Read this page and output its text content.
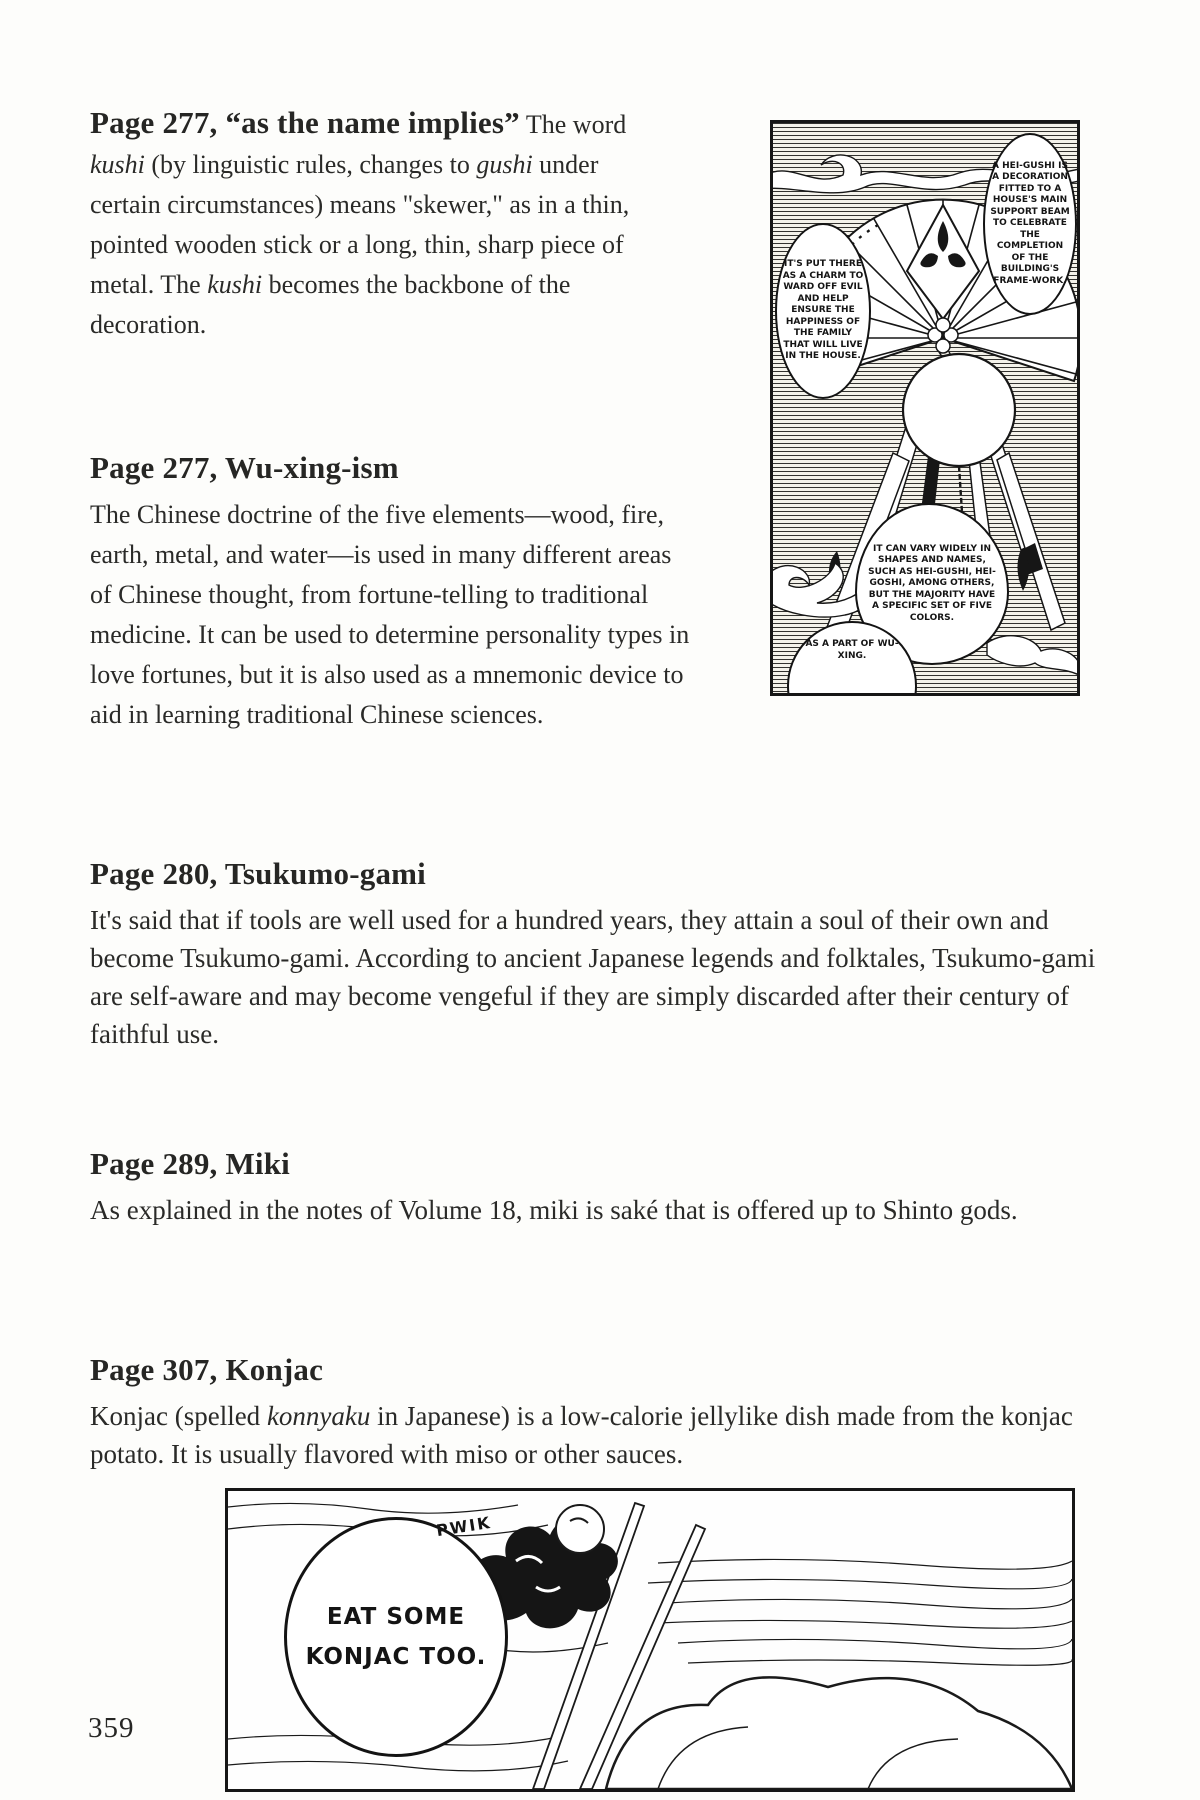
Page 277, “as the name implies” The word kushi (by linguistic rules, changes to gushi under certain circumstances) means "skewer," as in a thin, pointed wooden stick or a long, thin, sharp piece of metal. The kushi becomes the backbone of the decoration.

Page 277, Wu-xing-ism

The Chinese doctrine of the five elements—wood, fire, earth, metal, and water—is used in many different areas of Chinese thought, from fortune-telling to traditional medicine. It can be used to determine personality types in love fortunes, but it is also used as a mnemonic device to aid in learning traditional Chinese sciences.

Page 280, Tsukumo-gami

It's said that if tools are well used for a hundred years, they attain a soul of their own and become Tsukumo-gami. According to ancient Japanese legends and folktales, Tsukumo-gami are self-aware and may become vengeful if they are simply discarded after their century of faithful use.

Page 289, Miki

As explained in the notes of Volume 18, miki is saké that is offered up to Shinto gods.

Page 307, Konjac

Konjac (spelled konnyaku in Japanese) is a low-calorie jellylike dish made from the konjac potato. It is usually flavored with miso or other sauces.

IT'S PUT THERE AS A CHARM TO WARD OFF EVIL AND HELP ENSURE THE HAPPINESS OF THE FAMILY THAT WILL LIVE IN THE HOUSE.
A HEI-GUSHI IS A DECORATION FITTED TO A HOUSE'S MAIN SUPPORT BEAM TO CELEBRATE THE COMPLETION OF THE BUILDING'S FRAME-WORK.
IT CAN VARY WIDELY IN SHAPES AND NAMES, SUCH AS HEI-GUSHI, HEI-GOSHI, AMONG OTHERS, BUT THE MAJORITY HAVE A SPECIFIC SET OF FIVE COLORS.
AS A PART OF WU-XING.
EAT SOME KONJAC TOO.
PWIK
359
